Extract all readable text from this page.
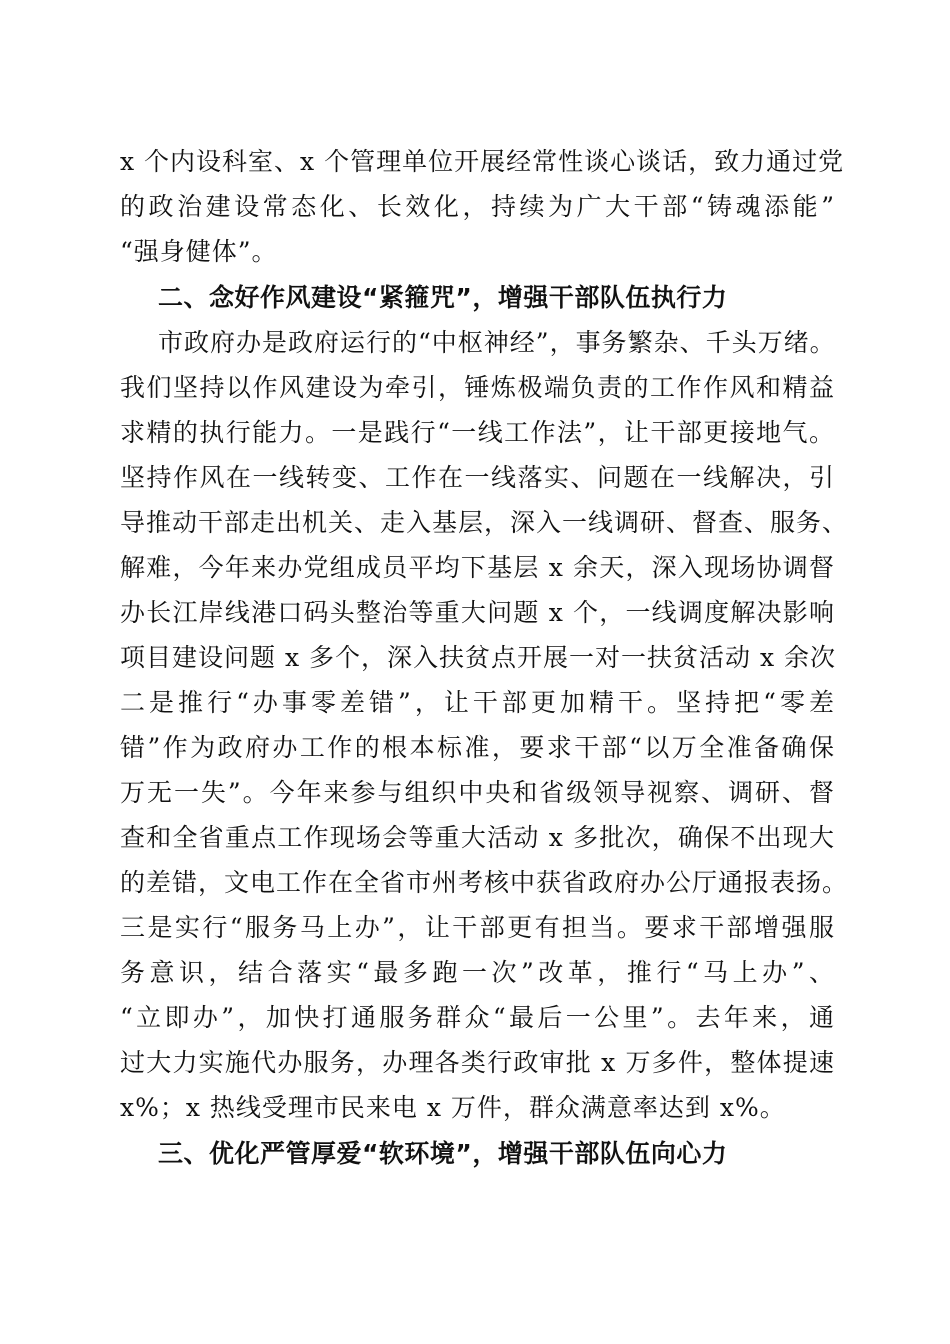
x 个内设科室、x 个管理单位开展经常性谈心谈话，致力通过党
的政治建设常态化、长效化，持续为广大干部“铸魂添能”
“强身健体”。
二、念好作风建设“紧箍咒”，增强干部队伍执行力
市政府办是政府运行的“中枢神经”，事务繁杂、千头万绪。
我们坚持以作风建设为牵引，锤炼极端负责的工作作风和精益
求精的执行能力。一是践行“一线工作法”，让干部更接地气。
坚持作风在一线转变、工作在一线落实、问题在一线解决，引
导推动干部走出机关、走入基层，深入一线调研、督查、服务、
解难，今年来办党组成员平均下基层 x 余天，深入现场协调督
办长江岸线港口码头整治等重大问题 x 个，一线调度解决影响
项目建设问题 x 多个，深入扶贫点开展一对一扶贫活动 x 余次
二是推行“办事零差错”，让干部更加精干。坚持把“零差
错”作为政府办工作的根本标准，要求干部“以万全准备确保
万无一失”。今年来参与组织中央和省级领导视察、调研、督
查和全省重点工作现场会等重大活动 x 多批次，确保不出现大
的差错，文电工作在全省市州考核中获省政府办公厅通报表扬。
三是实行“服务马上办”，让干部更有担当。要求干部增强服
务意识，结合落实“最多跑一次”改革，推行“马上办”、
“立即办”，加快打通服务群众“最后一公里”。去年来，通
过大力实施代办服务，办理各类行政审批 x 万多件，整体提速
x%；x 热线受理市民来电 x 万件，群众满意率达到 x%。
三、优化严管厚爱“软环境”，增强干部队伍向心力
